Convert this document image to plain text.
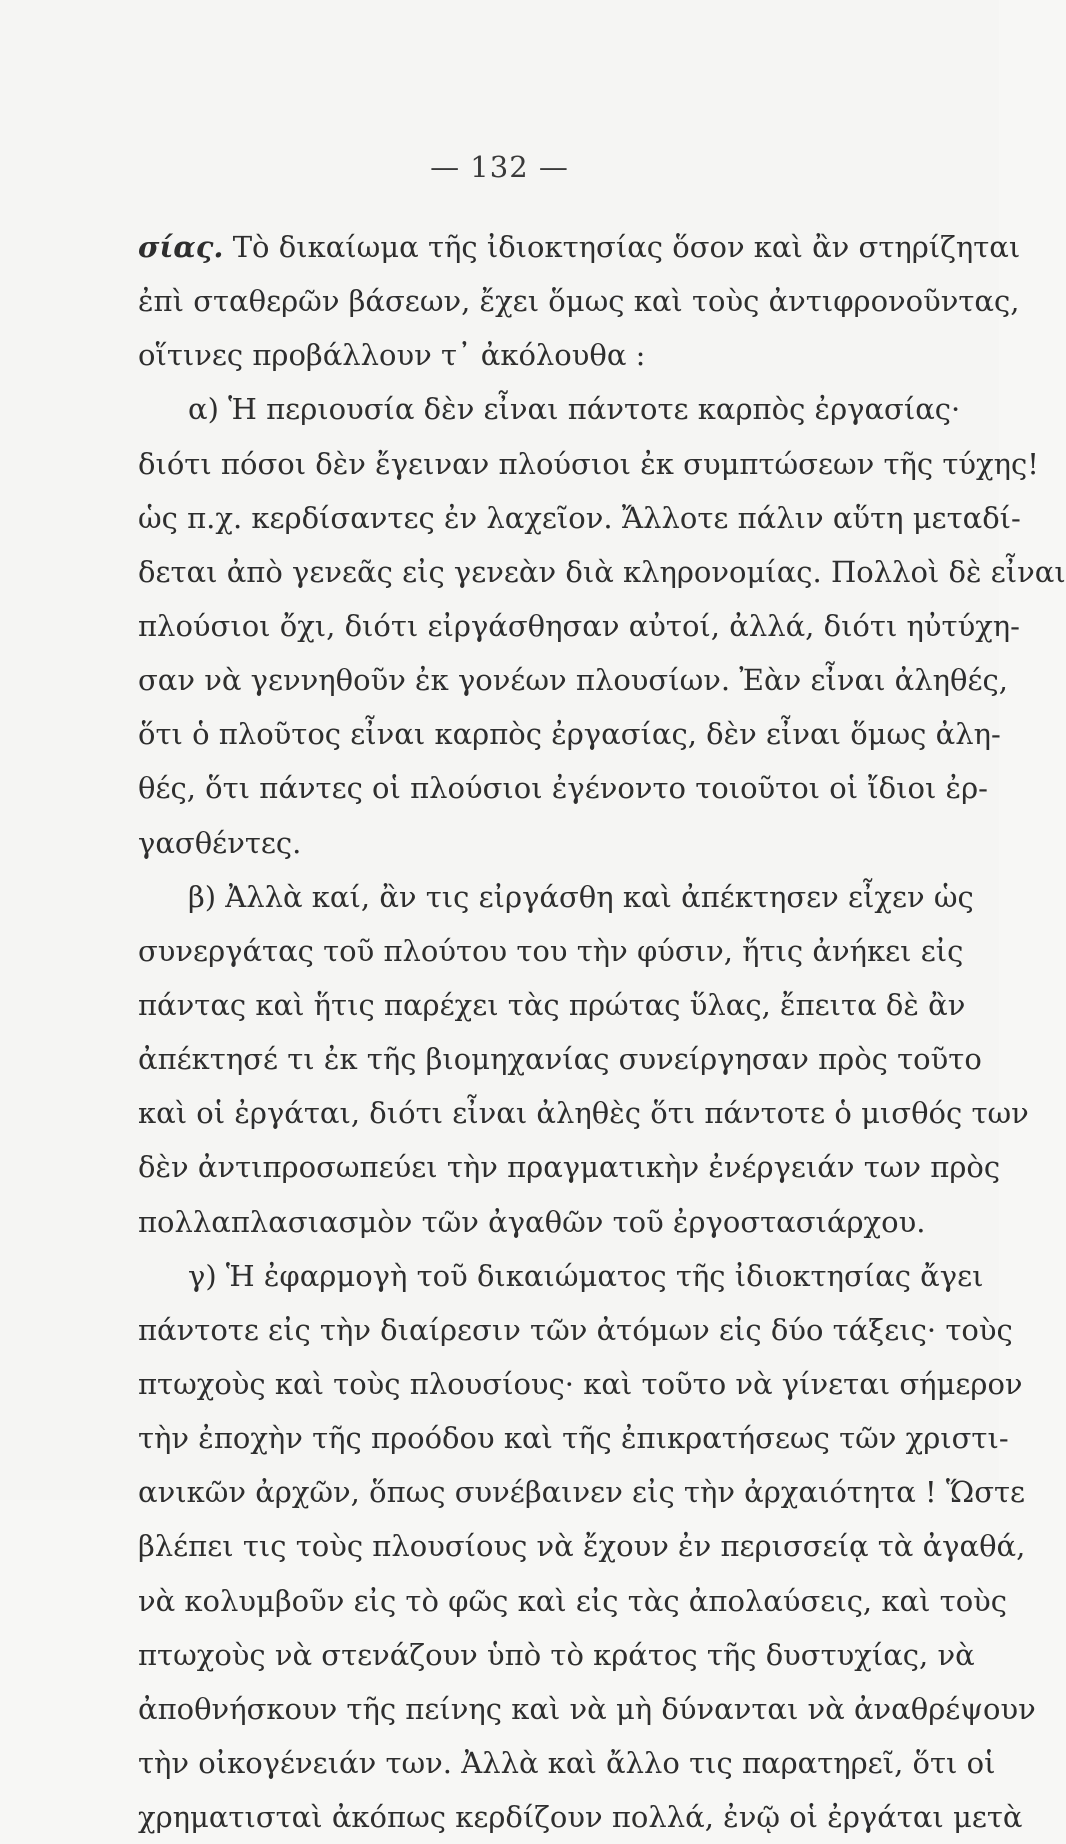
— 132 —
σίας. Τὸ δικαίωμα τῆς ἰδιοκτησίας ὅσον καὶ ἂν στηρίζηται
ἐπὶ σταθερῶν βάσεων, ἔχει ὅμως καὶ τοὺς ἀντιφρονοῦντας,
οἵτινες προβάλλουν τ᾽ ἀκόλουθα :
α) Ἡ περιουσία δὲν εἶναι πάντοτε καρπὸς ἐργασίας·
διότι πόσοι δὲν ἔγειναν πλούσιοι ἐκ συμπτώσεων τῆς τύχης!
ὡς π.χ. κερδίσαντες ἐν λαχεῖον. Ἄλλοτε πάλιν αὕτη μεταδί-
δεται ἀπὸ γενεᾶς εἰς γενεὰν διὰ κληρονομίας. Πολλοὶ δὲ εἶναι
πλούσιοι ὄχι, διότι εἰργάσθησαν αὐτοί, ἀλλά, διότι ηὐτύχη-
σαν νὰ γεννηθοῦν ἐκ γονέων πλουσίων. Ἐὰν εἶναι ἀληθές,
ὅτι ὁ πλοῦτος εἶναι καρπὸς ἐργασίας, δὲν εἶναι ὅμως ἀλη-
θές, ὅτι πάντες οἱ πλούσιοι ἐγένοντο τοιοῦτοι οἱ ἴδιοι ἐρ-
γασθέντες.
β) Ἀλλὰ καί, ἂν τις εἰργάσθη καὶ ἀπέκτησεν εἶχεν ὡς
συνεργάτας τοῦ πλούτου του τὴν φύσιν, ἥτις ἀνήκει εἰς
πάντας καὶ ἥτις παρέχει τὰς πρώτας ὕλας, ἔπειτα δὲ ἂν
ἀπέκτησέ τι ἐκ τῆς βιομηχανίας συνείργησαν πρὸς τοῦτο
καὶ οἱ ἐργάται, διότι εἶναι ἀληθὲς ὅτι πάντοτε ὁ μισθός των
δὲν ἀντιπροσωπεύει τὴν πραγματικὴν ἐνέργειάν των πρὸς
πολλαπλασιασμὸν τῶν ἀγαθῶν τοῦ ἐργοστασιάρχου.
γ) Ἡ ἐφαρμογὴ τοῦ δικαιώματος τῆς ἰδιοκτησίας ἄγει
πάντοτε εἰς τὴν διαίρεσιν τῶν ἀτόμων εἰς δύο τάξεις· τοὺς
πτωχοὺς καὶ τοὺς πλουσίους· καὶ τοῦτο νὰ γίνεται σήμερον
τὴν ἐποχὴν τῆς προόδου καὶ τῆς ἐπικρατήσεως τῶν χριστι-
ανικῶν ἀρχῶν, ὅπως συνέβαινεν εἰς τὴν ἀρχαιότητα ! Ὥστε
βλέπει τις τοὺς πλουσίους νὰ ἔχουν ἐν περισσείᾳ τὰ ἀγαθά,
νὰ κολυμβοῦν εἰς τὸ φῶς καὶ εἰς τὰς ἀπολαύσεις, καὶ τοὺς
πτωχοὺς νὰ στενάζουν ὑπὸ τὸ κράτος τῆς δυστυχίας, νὰ
ἀποθνήσκουν τῆς πείνης καὶ νὰ μὴ δύνανται νὰ ἀναθρέψουν
τὴν οἰκογένειάν των. Ἀλλὰ καὶ ἄλλο τις παρατηρεῖ, ὅτι οἱ
χρηματισταὶ ἀκόπως κερδίζουν πολλά, ἐνῷ οἱ ἐργάται μετὰ
